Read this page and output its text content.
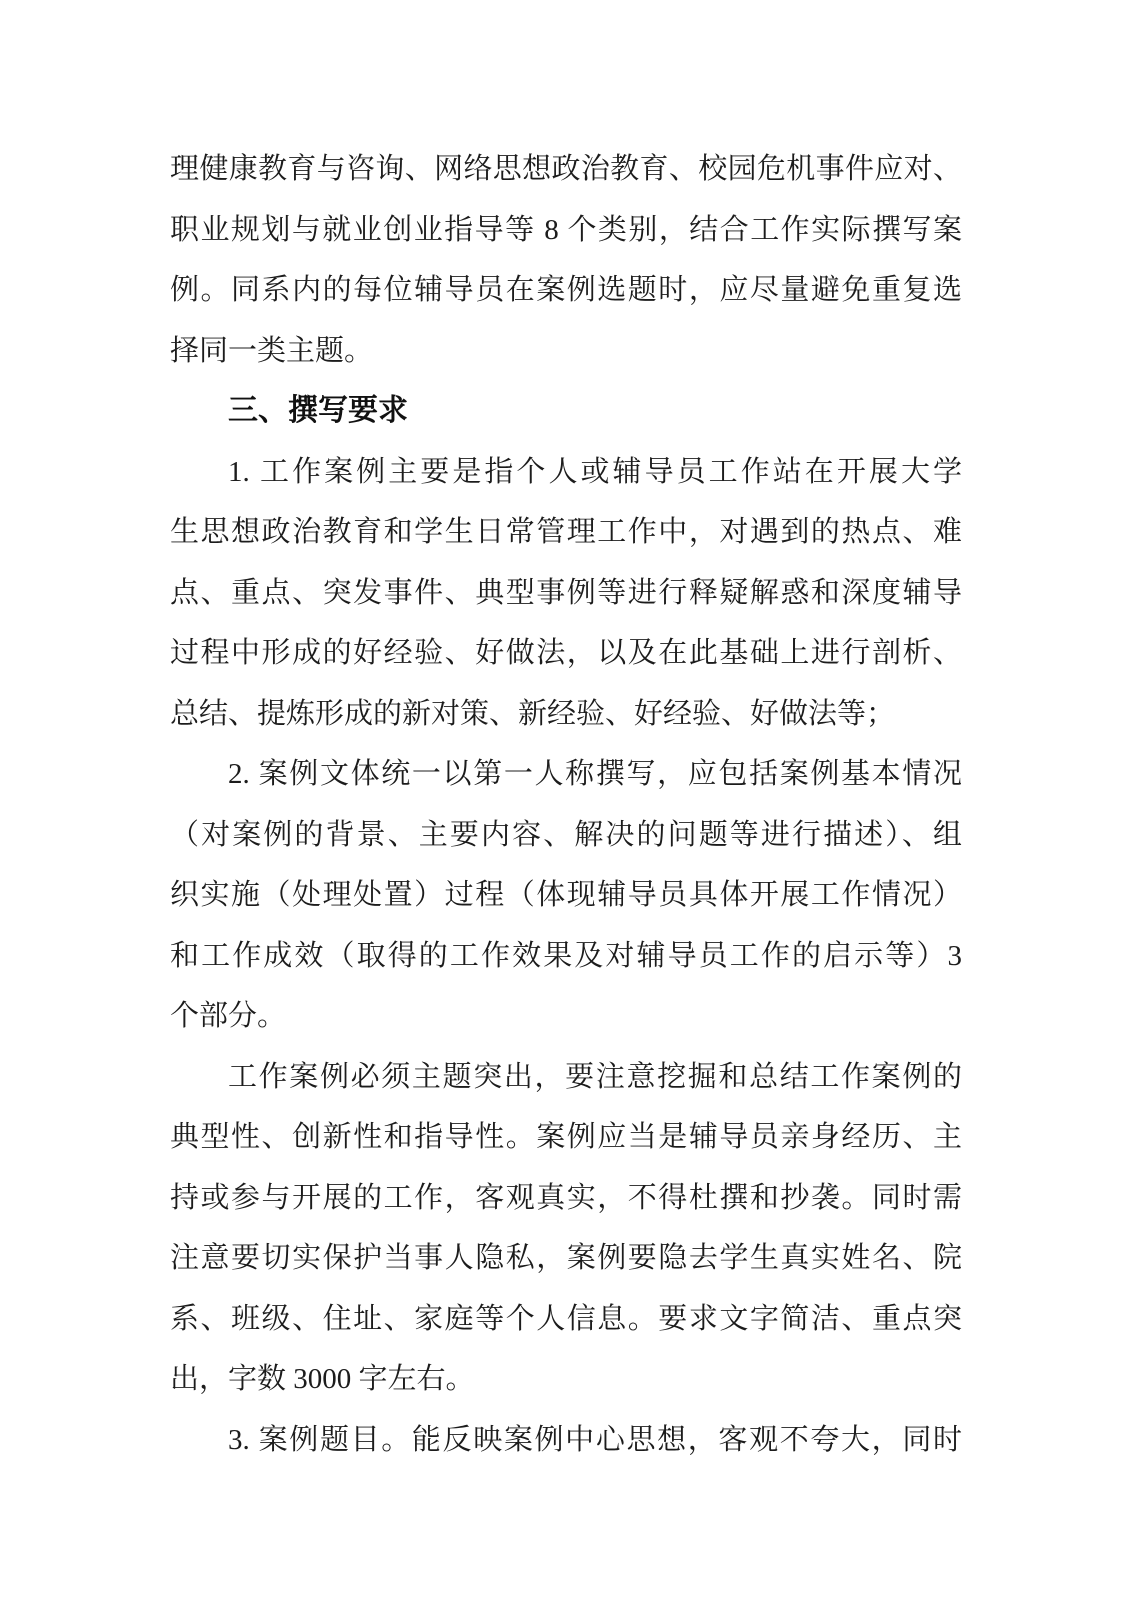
理健康教育与咨询、网络思想政治教育、校园危机事件应对、
职业规划与就业创业指导等 8 个类别，结合工作实际撰写案
例。同系内的每位辅导员在案例选题时，应尽量避免重复选
择同一类主题。
三、撰写要求
1. 工作案例主要是指个人或辅导员工作站在开展大学
生思想政治教育和学生日常管理工作中，对遇到的热点、难
点、重点、突发事件、典型事例等进行释疑解惑和深度辅导
过程中形成的好经验、好做法，以及在此基础上进行剖析、
总结、提炼形成的新对策、新经验、好经验、好做法等；
2. 案例文体统一以第一人称撰写，应包括案例基本情况
（对案例的背景、主要内容、解决的问题等进行描述）、组
织实施（处理处置）过程（体现辅导员具体开展工作情况）
和工作成效（取得的工作效果及对辅导员工作的启示等）3
个部分。
工作案例必须主题突出，要注意挖掘和总结工作案例的
典型性、创新性和指导性。案例应当是辅导员亲身经历、主
持或参与开展的工作，客观真实，不得杜撰和抄袭。同时需
注意要切实保护当事人隐私，案例要隐去学生真实姓名、院
系、班级、住址、家庭等个人信息。要求文字简洁、重点突
出，字数 3000 字左右。
3. 案例题目。能反映案例中心思想，客观不夸大，同时
